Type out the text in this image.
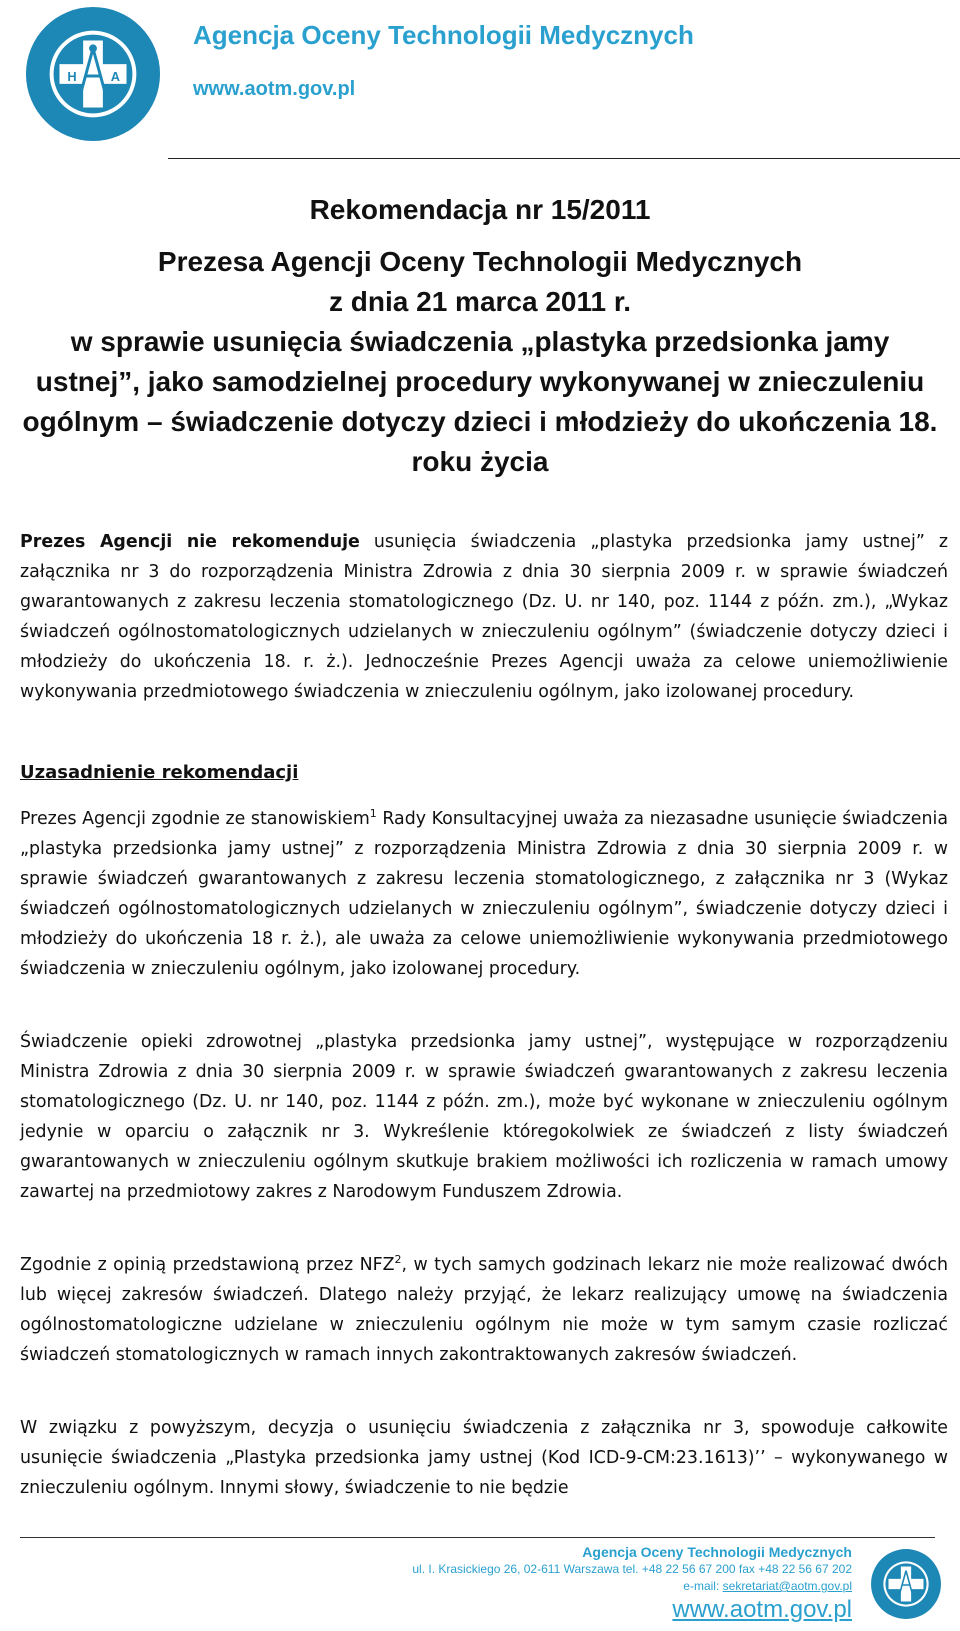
H	A
Agencja Oceny Technologii Medycznych
www.aotm.gov.pl
Rekomendacja nr 15/2011
Prezesa Agencji Oceny Technologii Medycznych
z dnia 21 marca 2011 r.
w sprawie usunięcia świadczenia „plastyka przedsionka jamy
ustnej”, jako samodzielnej procedury wykonywanej w znieczuleniu
ogólnym – świadczenie dotyczy dzieci i młodzieży do ukończenia 18.
roku życia

Prezes Agencji nie rekomenduje usunięcia świadczenia „plastyka przedsionka jamy ustnej” z załącznika nr 3 do rozporządzenia Ministra Zdrowia z dnia 30 sierpnia 2009 r. w sprawie świadczeń gwarantowanych z zakresu leczenia stomatologicznego (Dz. U. nr 140, poz. 1144 z późn. zm.), „Wykaz świadczeń ogólnostomatologicznych udzielanych w znieczuleniu ogólnym” (świadczenie dotyczy dzieci i młodzieży do ukończenia 18. r. ż.). Jednocześnie Prezes Agencji uważa za celowe uniemożliwienie wykonywania przedmiotowego świadczenia w znieczuleniu ogólnym, jako izolowanej procedury.

Uzasadnienie rekomendacji

Prezes Agencji zgodnie ze stanowiskiem$^1$ Rady Konsultacyjnej uważa za niezasadne usunięcie świadczenia „plastyka przedsionka jamy ustnej” z rozporządzenia Ministra Zdrowia z dnia 30 sierpnia 2009 r. w sprawie świadczeń gwarantowanych z zakresu leczenia stomatologicznego, z załącznika nr 3 (Wykaz świadczeń ogólnostomatologicznych udzielanych w znieczuleniu ogólnym”, świadczenie dotyczy dzieci i młodzieży do ukończenia 18 r. ż.), ale uważa za celowe uniemożliwienie wykonywania przedmiotowego świadczenia w znieczuleniu ogólnym, jako izolowanej procedury.

Świadczenie opieki zdrowotnej „plastyka przedsionka jamy ustnej”, występujące w rozporządzeniu Ministra Zdrowia z dnia 30 sierpnia 2009 r. w sprawie świadczeń gwarantowanych z zakresu leczenia stomatologicznego (Dz. U. nr 140, poz. 1144 z późn. zm.), może być wykonane w znieczuleniu ogólnym jedynie w oparciu o załącznik nr 3. Wykreślenie któregokolwiek ze świadczeń z listy świadczeń gwarantowanych w znieczuleniu ogólnym skutkuje brakiem możliwości ich rozliczenia w ramach umowy zawartej na przedmiotowy zakres z Narodowym Funduszem Zdrowia.

Zgodnie z opinią przedstawioną przez NFZ$^2$, w tych samych godzinach lekarz nie może realizować dwóch lub więcej zakresów świadczeń. Dlatego należy przyjąć, że lekarz realizujący umowę na świadczenia ogólnostomatologiczne udzielane w znieczuleniu ogólnym nie może w tym samym czasie rozliczać świadczeń stomatologicznych w ramach innych zakontraktowanych zakresów świadczeń.

W związku z powyższym, decyzja o usunięciu świadczenia z załącznika nr 3, spowoduje całkowite usunięcie świadczenia „Plastyka przedsionka jamy ustnej (Kod ICD-9-CM:23.1613)’’ – wykonywanego w znieczuleniu ogólnym. Innymi słowy, świadczenie to nie będzie

Agencja Oceny Technologii Medycznych
ul. I. Krasickiego 26, 02-611 Warszawa tel. +48 22 56 67 200 fax +48 22 56 67 202
e-mail: sekretariat@aotm.gov.pl
www.aotm.gov.pl
